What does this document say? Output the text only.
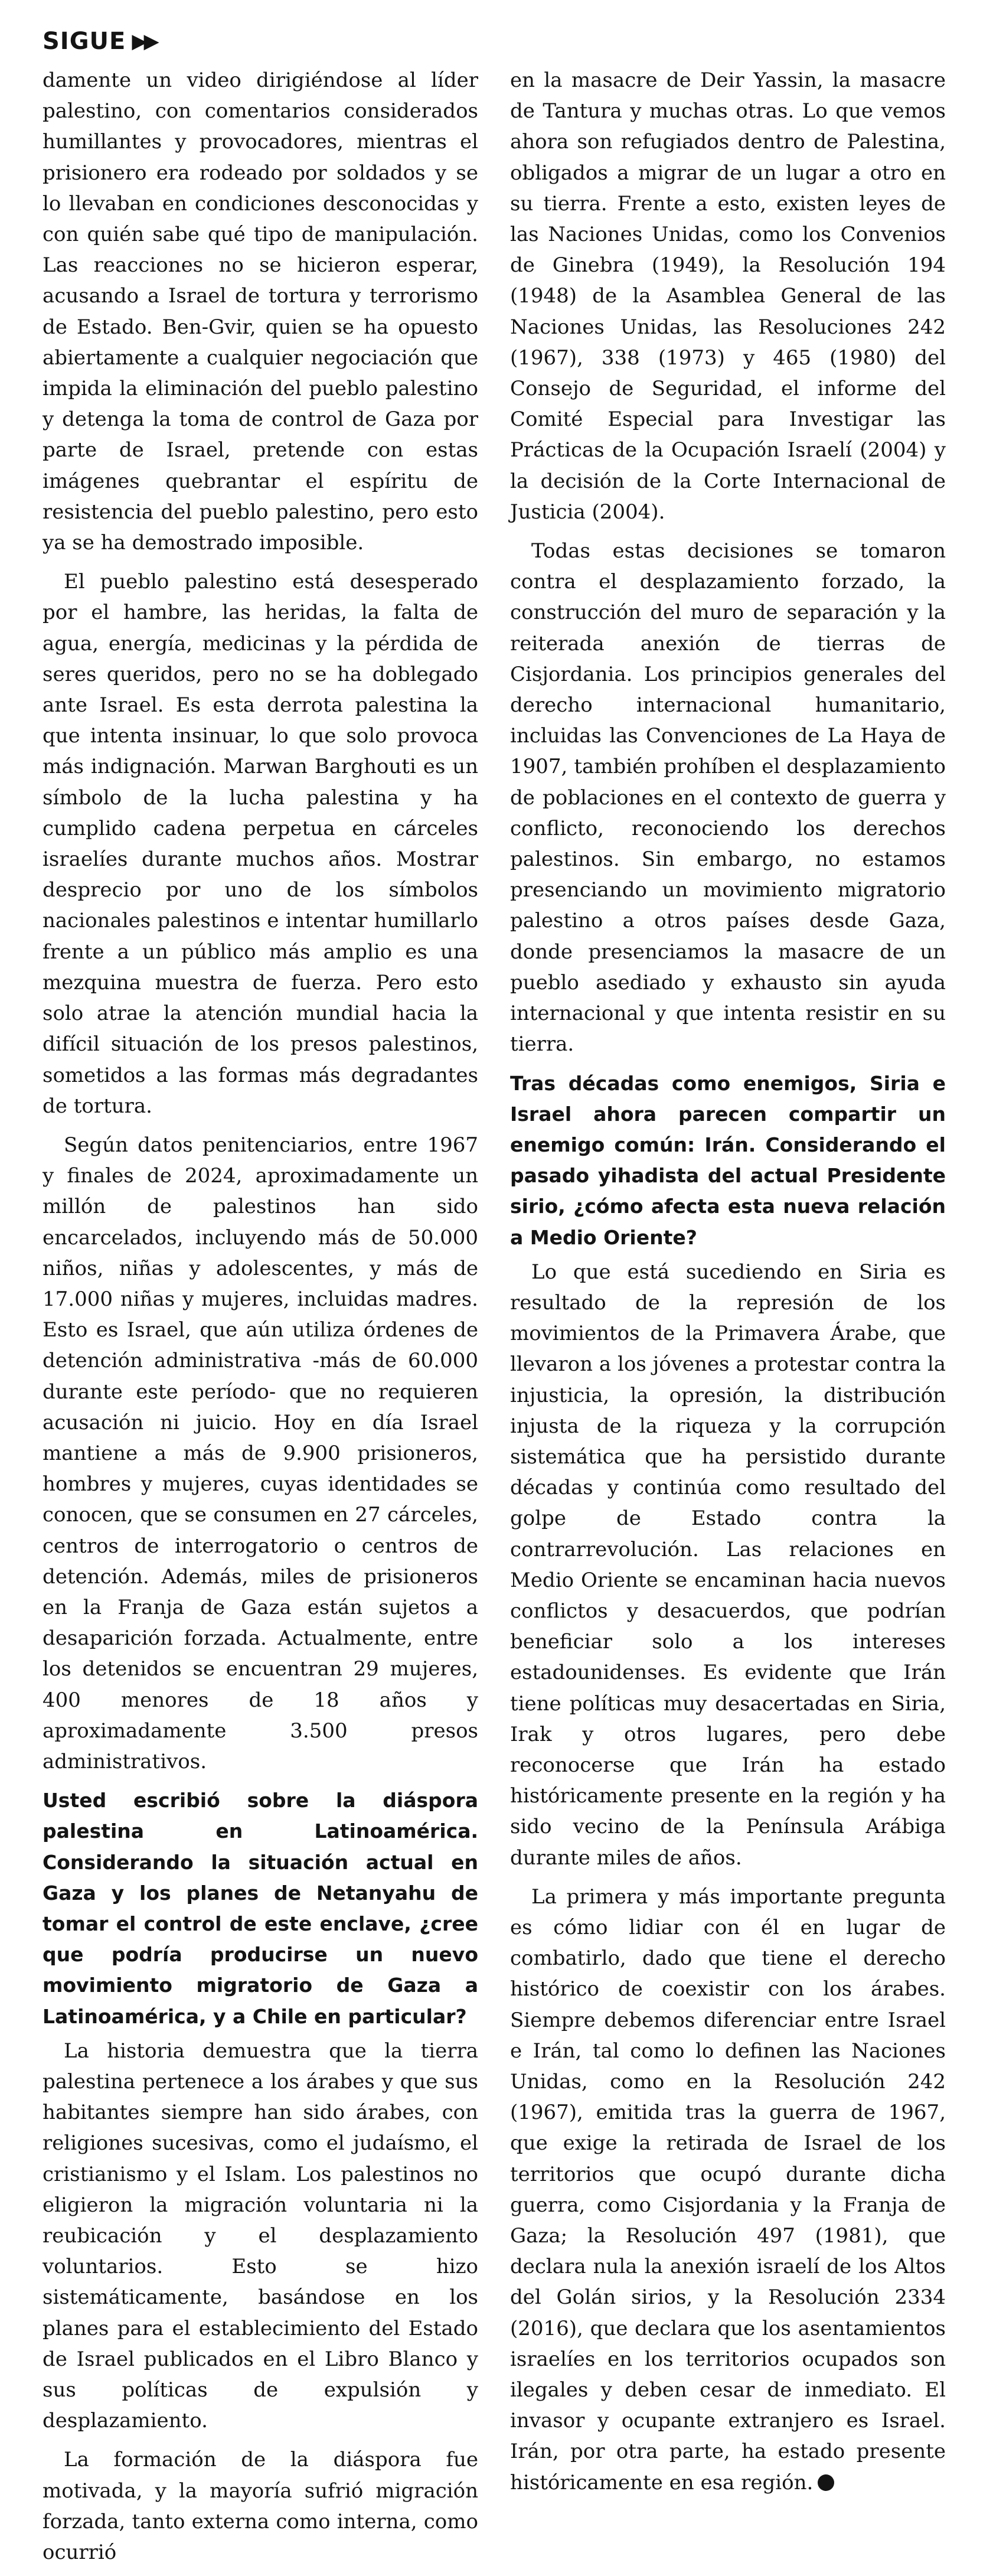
SIGUE ▶▶

damente un video dirigiéndose al líder palestino, con comentarios considerados humillantes y provocadores, mientras el prisionero era rodeado por soldados y se lo llevaban en condiciones desconocidas y con quién sabe qué tipo de manipulación. Las reacciones no se hicieron esperar, acusando a Israel de tortura y terrorismo de Estado. Ben-Gvir, quien se ha opuesto abiertamente a cualquier negociación que impida la eliminación del pueblo palestino y detenga la toma de control de Gaza por parte de Israel, pretende con estas imágenes quebrantar el espíritu de resistencia del pueblo palestino, pero esto ya se ha demostrado imposible.

El pueblo palestino está desesperado por el hambre, las heridas, la falta de agua, energía, medicinas y la pérdida de seres queridos, pero no se ha doblegado ante Israel. Es esta derrota palestina la que intenta insinuar, lo que solo provoca más indignación. Marwan Barghouti es un símbolo de la lucha palestina y ha cumplido cadena perpetua en cárceles israelíes durante muchos años. Mostrar desprecio por uno de los símbolos nacionales palestinos e intentar humillarlo frente a un público más amplio es una mezquina muestra de fuerza. Pero esto solo atrae la atención mundial hacia la difícil situación de los presos palestinos, sometidos a las formas más degradantes de tortura.

Según datos penitenciarios, entre 1967 y finales de 2024, aproximadamente un millón de palestinos han sido encarcelados, incluyendo más de 50.000 niños, niñas y adolescentes, y más de 17.000 niñas y mujeres, incluidas madres. Esto es Israel, que aún utiliza órdenes de detención administrativa -más de 60.000 durante este período- que no requieren acusación ni juicio. Hoy en día Israel mantiene a más de 9.900 prisioneros, hombres y mujeres, cuyas identidades se conocen, que se consumen en 27 cárceles, centros de interrogatorio o centros de detención. Además, miles de prisioneros en la Franja de Gaza están sujetos a desaparición forzada. Actualmente, entre los detenidos se encuentran 29 mujeres, 400 menores de 18 años y aproximadamente 3.500 presos administrativos.

Usted escribió sobre la diáspora palestina en Latinoamérica. Considerando la situación actual en Gaza y los planes de Netanyahu de tomar el control de este enclave, ¿cree que podría producirse un nuevo movimiento migratorio de Gaza a Latinoamérica, y a Chile en particular?

La historia demuestra que la tierra palestina pertenece a los árabes y que sus habitantes siempre han sido árabes, con religiones sucesivas, como el judaísmo, el cristianismo y el Islam. Los palestinos no eligieron la migración voluntaria ni la reubicación y el desplazamiento voluntarios. Esto se hizo sistemáticamente, basándose en los planes para el establecimiento del Estado de Israel publicados en el Libro Blanco y sus políticas de expulsión y desplazamiento.

La formación de la diáspora fue motivada, y la mayoría sufrió migración forzada, tanto externa como interna, como ocurrió

en la masacre de Deir Yassin, la masacre de Tantura y muchas otras. Lo que vemos ahora son refugiados dentro de Palestina, obligados a migrar de un lugar a otro en su tierra. Frente a esto, existen leyes de las Naciones Unidas, como los Convenios de Ginebra (1949), la Resolución 194 (1948) de la Asamblea General de las Naciones Unidas, las Resoluciones 242 (1967), 338 (1973) y 465 (1980) del Consejo de Seguridad, el informe del Comité Especial para Investigar las Prácticas de la Ocupación Israelí (2004) y la decisión de la Corte Internacional de Justicia (2004).

Todas estas decisiones se tomaron contra el desplazamiento forzado, la construcción del muro de separación y la reiterada anexión de tierras de Cisjordania. Los principios generales del derecho internacional humanitario, incluidas las Convenciones de La Haya de 1907, también prohíben el desplazamiento de poblaciones en el contexto de guerra y conflicto, reconociendo los derechos palestinos. Sin embargo, no estamos presenciando un movimiento migratorio palestino a otros países desde Gaza, donde presenciamos la masacre de un pueblo asediado y exhausto sin ayuda internacional y que intenta resistir en su tierra.

Tras décadas como enemigos, Siria e Israel ahora parecen compartir un enemigo común: Irán. Considerando el pasado yihadista del actual Presidente sirio, ¿cómo afecta esta nueva relación a Medio Oriente?

Lo que está sucediendo en Siria es resultado de la represión de los movimientos de la Primavera Árabe, que llevaron a los jóvenes a protestar contra la injusticia, la opresión, la distribución injusta de la riqueza y la corrupción sistemática que ha persistido durante décadas y continúa como resultado del golpe de Estado contra la contrarrevolución. Las relaciones en Medio Oriente se encaminan hacia nuevos conflictos y desacuerdos, que podrían beneficiar solo a los intereses estadounidenses. Es evidente que Irán tiene políticas muy desacertadas en Siria, Irak y otros lugares, pero debe reconocerse que Irán ha estado históricamente presente en la región y ha sido vecino de la Península Arábiga durante miles de años.

La primera y más importante pregunta es cómo lidiar con él en lugar de combatirlo, dado que tiene el derecho histórico de coexistir con los árabes. Siempre debemos diferenciar entre Israel e Irán, tal como lo definen las Naciones Unidas, como en la Resolución 242 (1967), emitida tras la guerra de 1967, que exige la retirada de Israel de los territorios que ocupó durante dicha guerra, como Cisjordania y la Franja de Gaza; la Resolución 497 (1981), que declara nula la anexión israelí de los Altos del Golán sirios, y la Resolución 2334 (2016), que declara que los asentamientos israelíes en los territorios ocupados son ilegales y deben cesar de inmediato. El invasor y ocupante extranjero es Israel. Irán, por otra parte, ha estado presente históricamente en esa región.
